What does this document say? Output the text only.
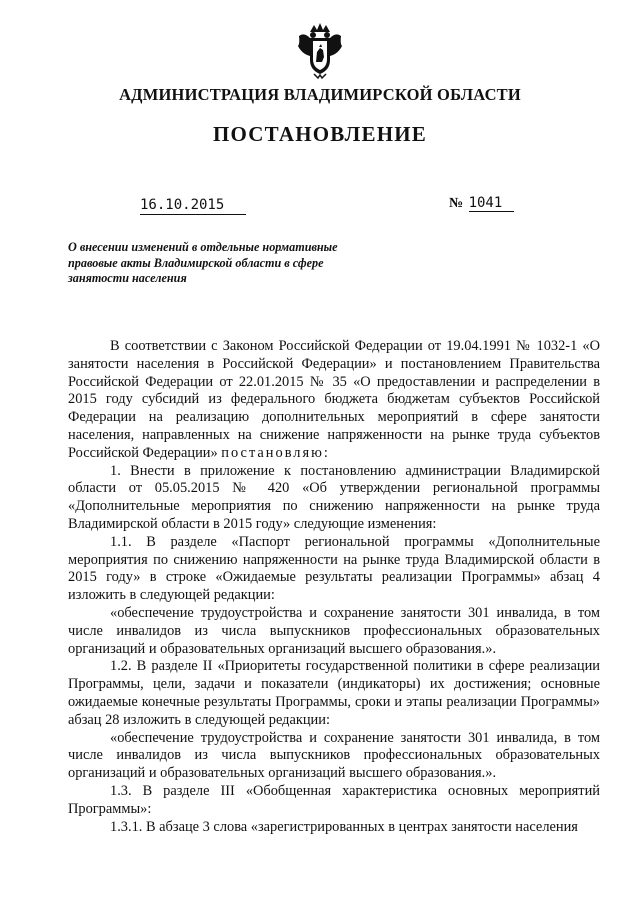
АДМИНИСТРАЦИЯ ВЛАДИМИРСКОЙ ОБЛАСТИ
ПОСТАНОВЛЕНИЕ
16.10.2015	№ 1041
О внесении изменений в отдельные нормативные правовые акты Владимирской области в сфере занятости населения

В соответствии с Законом Российской Федерации от 19.04.1991 № 1032-1 «О занятости населения в Российской Федерации» и постановлением Правительства Российской Федерации от 22.01.2015 № 35 «О предоставлении и распределении в 2015 году субсидий из федерального бюджета бюджетам субъектов Российской Федерации на реализацию дополнительных мероприятий в сфере занятости населения, направленных на снижение напряженности на рынке труда субъектов Российской Федерации» постановляю:

1. Внести в приложение к постановлению администрации Владимирской области от 05.05.2015 № 420 «Об утверждении региональной программы «Дополнительные мероприятия по снижению напряженности на рынке труда Владимирской области в 2015 году» следующие изменения:

1.1. В разделе «Паспорт региональной программы «Дополнительные мероприятия по снижению напряженности на рынке труда Владимирской области в 2015 году» в строке «Ожидаемые результаты реализации Программы» абзац 4 изложить в следующей редакции:

«обеспечение трудоустройства и сохранение занятости 301 инвалида, в том числе инвалидов из числа выпускников профессиональных образовательных организаций и образовательных организаций высшего образования.».

1.2. В разделе II «Приоритеты государственной политики в сфере реализации Программы, цели, задачи и показатели (индикаторы) их достижения; основные ожидаемые конечные результаты Программы, сроки и этапы реализации Программы» абзац 28 изложить в следующей редакции:

«обеспечение трудоустройства и сохранение занятости 301 инвалида, в том числе инвалидов из числа выпускников профессиональных образовательных организаций и образовательных организаций высшего образования.».

1.3. В разделе III «Обобщенная характеристика основных мероприятий Программы»:

1.3.1. В абзаце 3 слова «зарегистрированных в центрах занятости населения
